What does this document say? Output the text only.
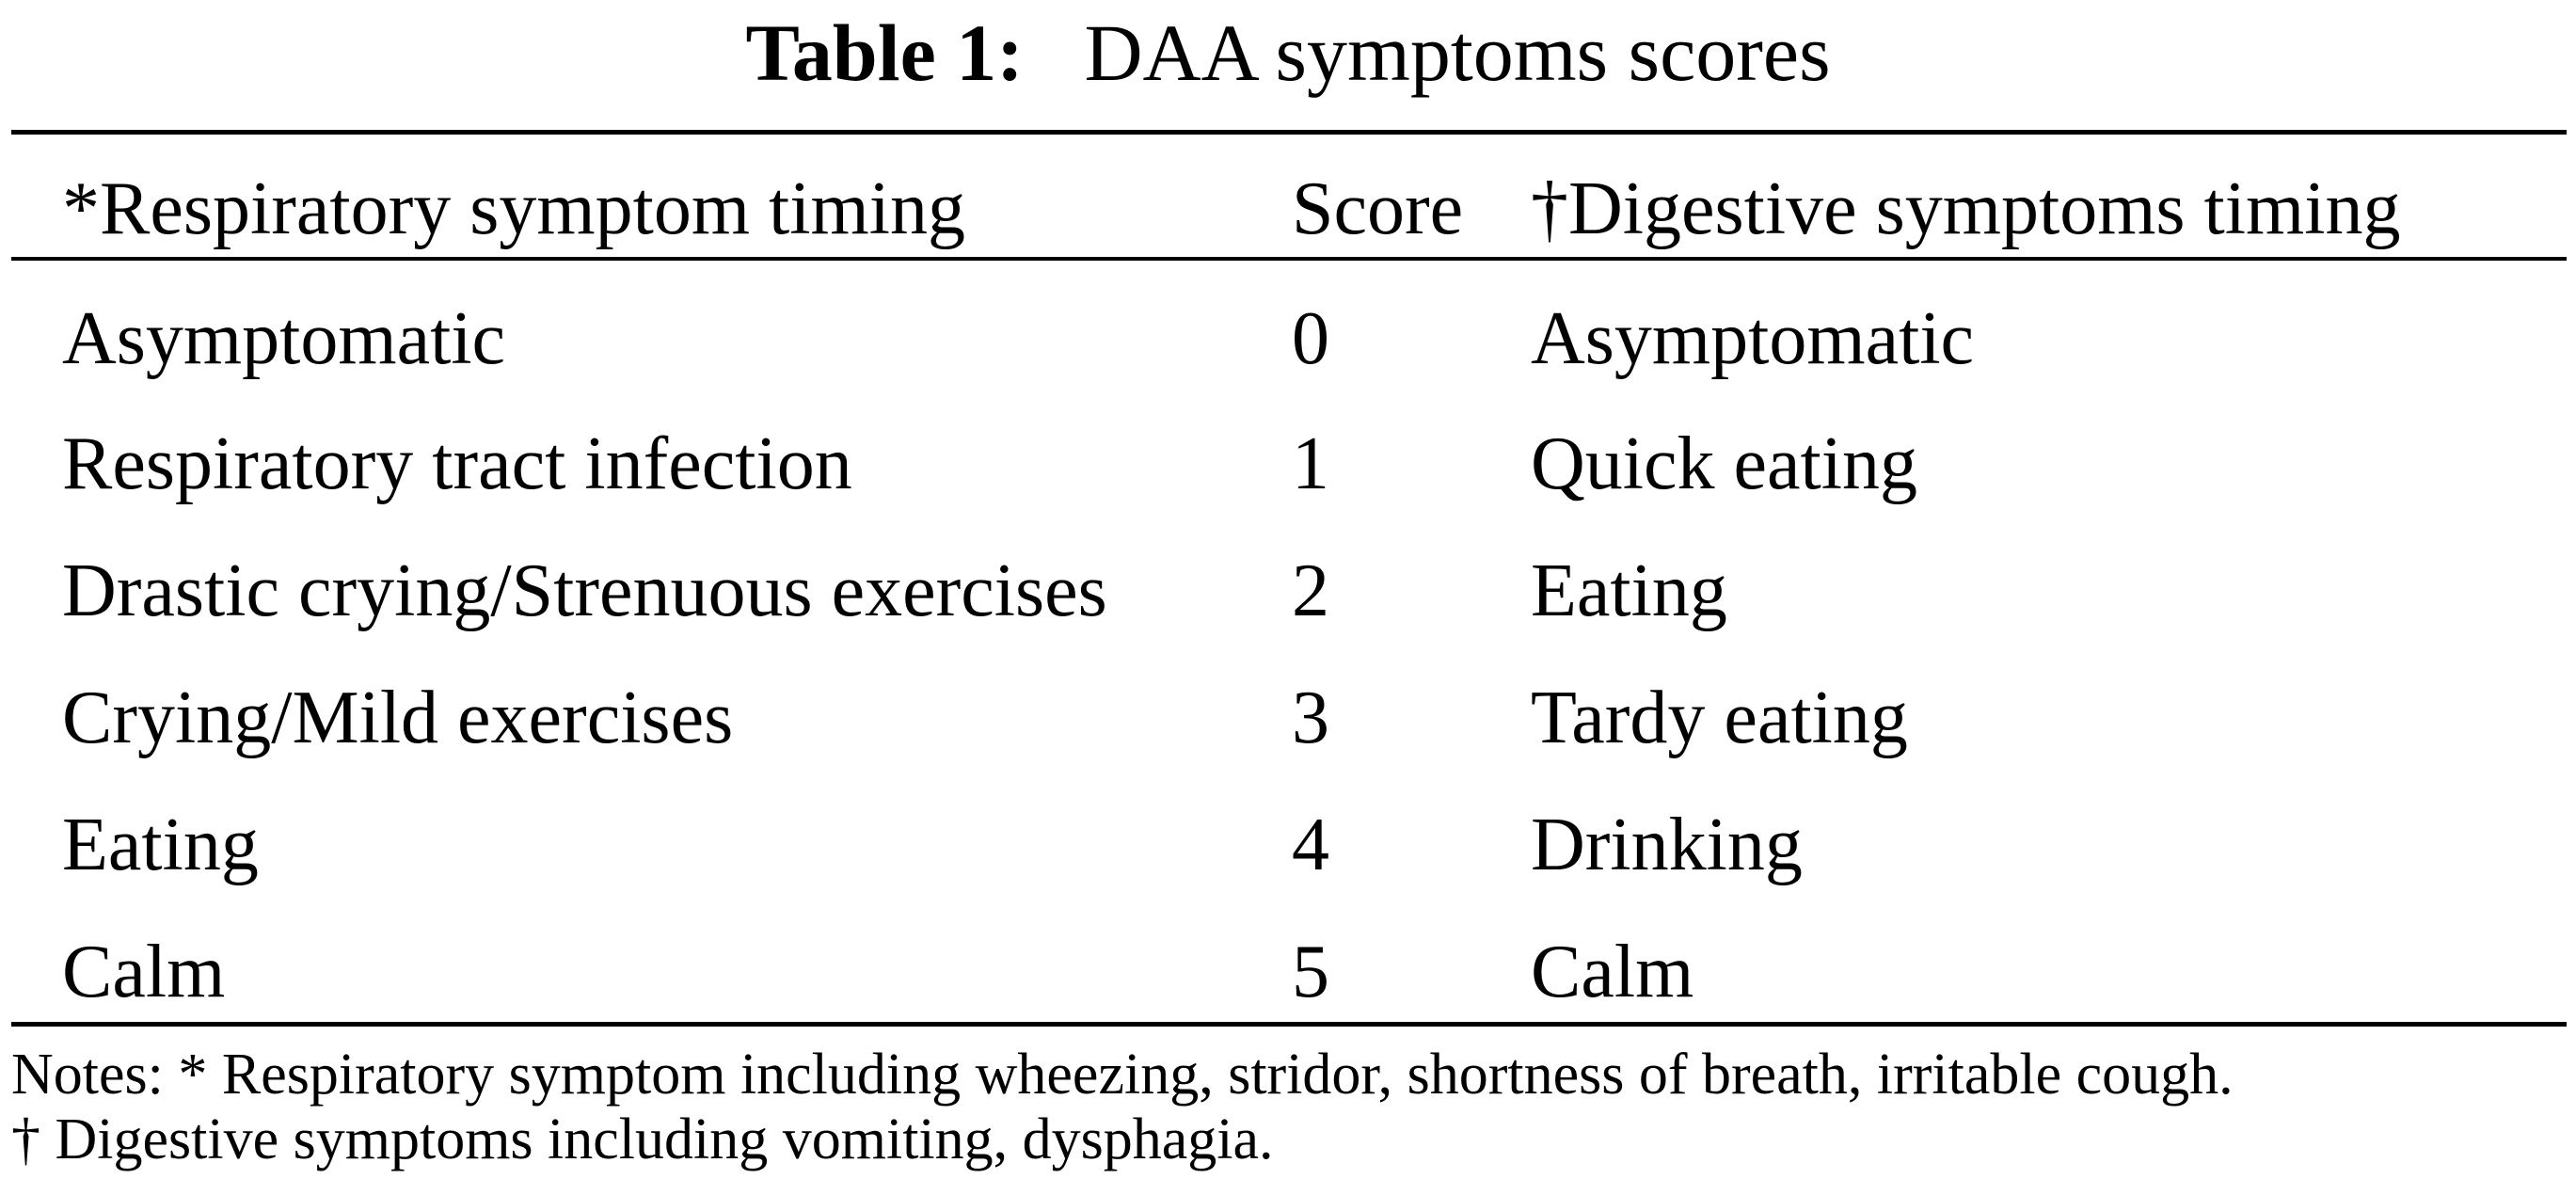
Table 1: DAA symptoms scores
*Respiratory symptom timing	Score †Digestive symptoms timing
Asymptomatic	0	Asymptomatic
Respiratory tract infection	1	Quick eating
Drastic crying/Strenuous exercises 2	Eating
Crying/Mild exercises	3	Tardy eating
Eating	4	Drinking
Calm	5	Calm
Notes: * Respiratory symptom including wheezing, stridor, shortness of breath, irritable cough.
† Digestive symptoms including vomiting, dysphagia.
